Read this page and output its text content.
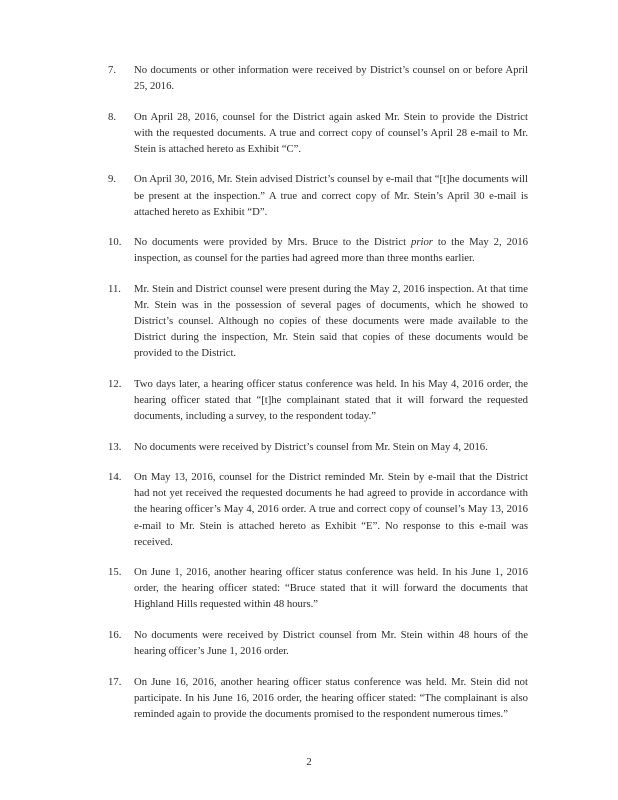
7.	No documents or other information were received by District’s counsel on or before April 25, 2016.
8.	On April 28, 2016, counsel for the District again asked Mr. Stein to provide the District with the requested documents. A true and correct copy of counsel’s April 28 e-mail to Mr. Stein is attached hereto as Exhibit “C”.
9.	On April 30, 2016, Mr. Stein advised District’s counsel by e-mail that “[t]he documents will be present at the inspection.” A true and correct copy of Mr. Stein’s April 30 e-mail is attached hereto as Exhibit “D”.
10.	No documents were provided by Mrs. Bruce to the District prior to the May 2, 2016 inspection, as counsel for the parties had agreed more than three months earlier.
11.	Mr. Stein and District counsel were present during the May 2, 2016 inspection. At that time Mr. Stein was in the possession of several pages of documents, which he showed to District’s counsel. Although no copies of these documents were made available to the District during the inspection, Mr. Stein said that copies of these documents would be provided to the District.
12.	Two days later, a hearing officer status conference was held. In his May 4, 2016 order, the hearing officer stated that “[t]he complainant stated that it will forward the requested documents, including a survey, to the respondent today.”
13.	No documents were received by District’s counsel from Mr. Stein on May 4, 2016.
14.	On May 13, 2016, counsel for the District reminded Mr. Stein by e-mail that the District had not yet received the requested documents he had agreed to provide in accordance with the hearing officer’s May 4, 2016 order. A true and correct copy of counsel’s May 13, 2016 e-mail to Mr. Stein is attached hereto as Exhibit “E”. No response to this e-mail was received.
15.	On June 1, 2016, another hearing officer status conference was held. In his June 1, 2016 order, the hearing officer stated: “Bruce stated that it will forward the documents that Highland Hills requested within 48 hours.”
16.	No documents were received by District counsel from Mr. Stein within 48 hours of the hearing officer’s June 1, 2016 order.
17.	On June 16, 2016, another hearing officer status conference was held. Mr. Stein did not participate. In his June 16, 2016 order, the hearing officer stated: “The complainant is also reminded again to provide the documents promised to the respondent numerous times.”
2
